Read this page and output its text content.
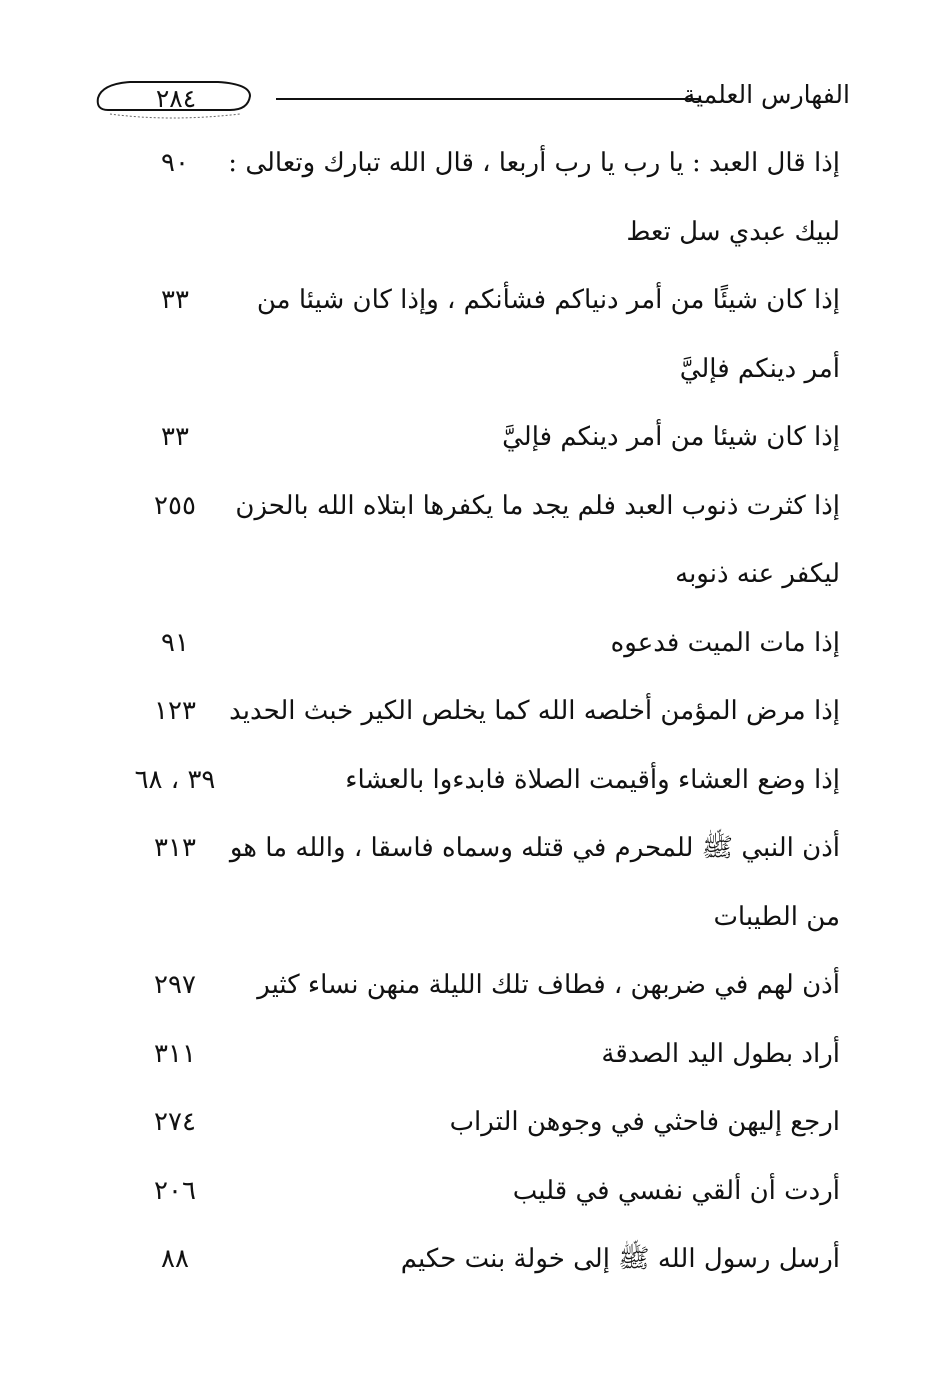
٢٨٤	الفهارس العلمية
إذا قال العبد : يا رب يا رب أربعا ، قال الله تبارك وتعالى :
٩٠
لبيك عبدي سل تعط
إذا كان شيئًا من أمر دنياكم فشأنكم ، وإذا كان شيئا من
٣٣
أمر دينكم فإليَّ
إذا كان شيئا من أمر دينكم فإليَّ
٣٣
إذا كثرت ذنوب العبد فلم يجد ما يكفرها ابتلاه الله بالحزن
٢٥٥
ليكفر عنه ذنوبه
إذا مات الميت فدعوه
٩١
إذا مرض المؤمن أخلصه الله كما يخلص الكير خبث الحديد
١٢٣
إذا وضع العشاء وأقيمت الصلاة فابدءوا بالعشاء
٣٩ ، ٦٨
أذن النبي ﷺ للمحرم في قتله وسماه فاسقا ، والله ما هو
٣١٣
من الطيبات
أذن لهم في ضربهن ، فطاف تلك الليلة منهن نساء كثير
٢٩٧
أراد بطول اليد الصدقة
٣١١
ارجع إليهن فاحثي في وجوهن التراب
٢٧٤
أردت أن ألقي نفسي في قليب
٢٠٦
أرسل رسول الله ﷺ إلى خولة بنت حكيم
٨٨
